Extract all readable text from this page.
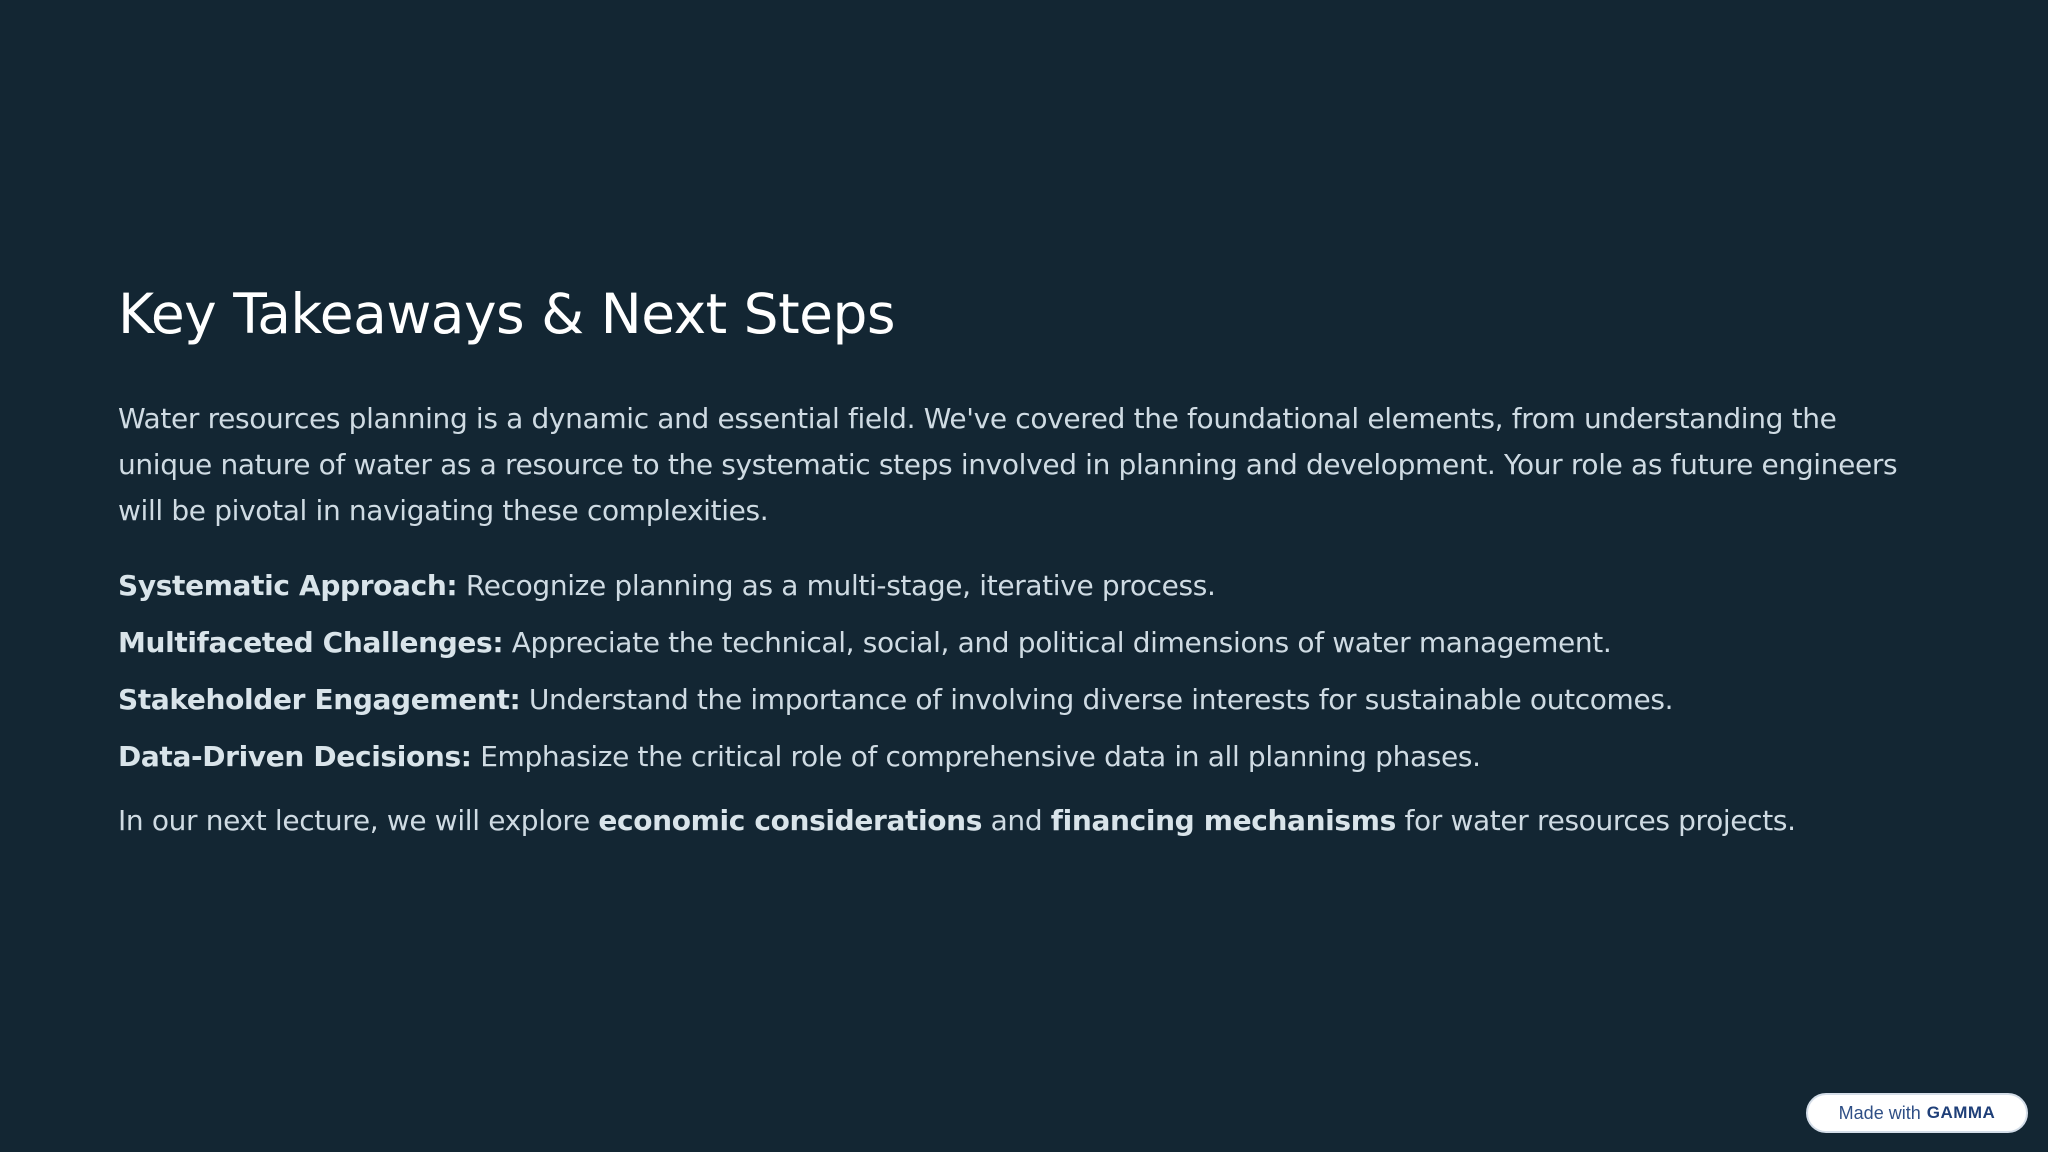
Key Takeaways & Next Steps

Water resources planning is a dynamic and essential field. We've covered the foundational elements, from understanding the unique nature of water as a resource to the systematic steps involved in planning and development. Your role as future engineers will be pivotal in navigating these complexities.

Systematic Approach: Recognize planning as a multi-stage, iterative process.
Multifaceted Challenges: Appreciate the technical, social, and political dimensions of water management.
Stakeholder Engagement: Understand the importance of involving diverse interests for sustainable outcomes.
Data-Driven Decisions: Emphasize the critical role of comprehensive data in all planning phases.

In our next lecture, we will explore economic considerations and financing mechanisms for water resources projects.

Made with GAMMA
